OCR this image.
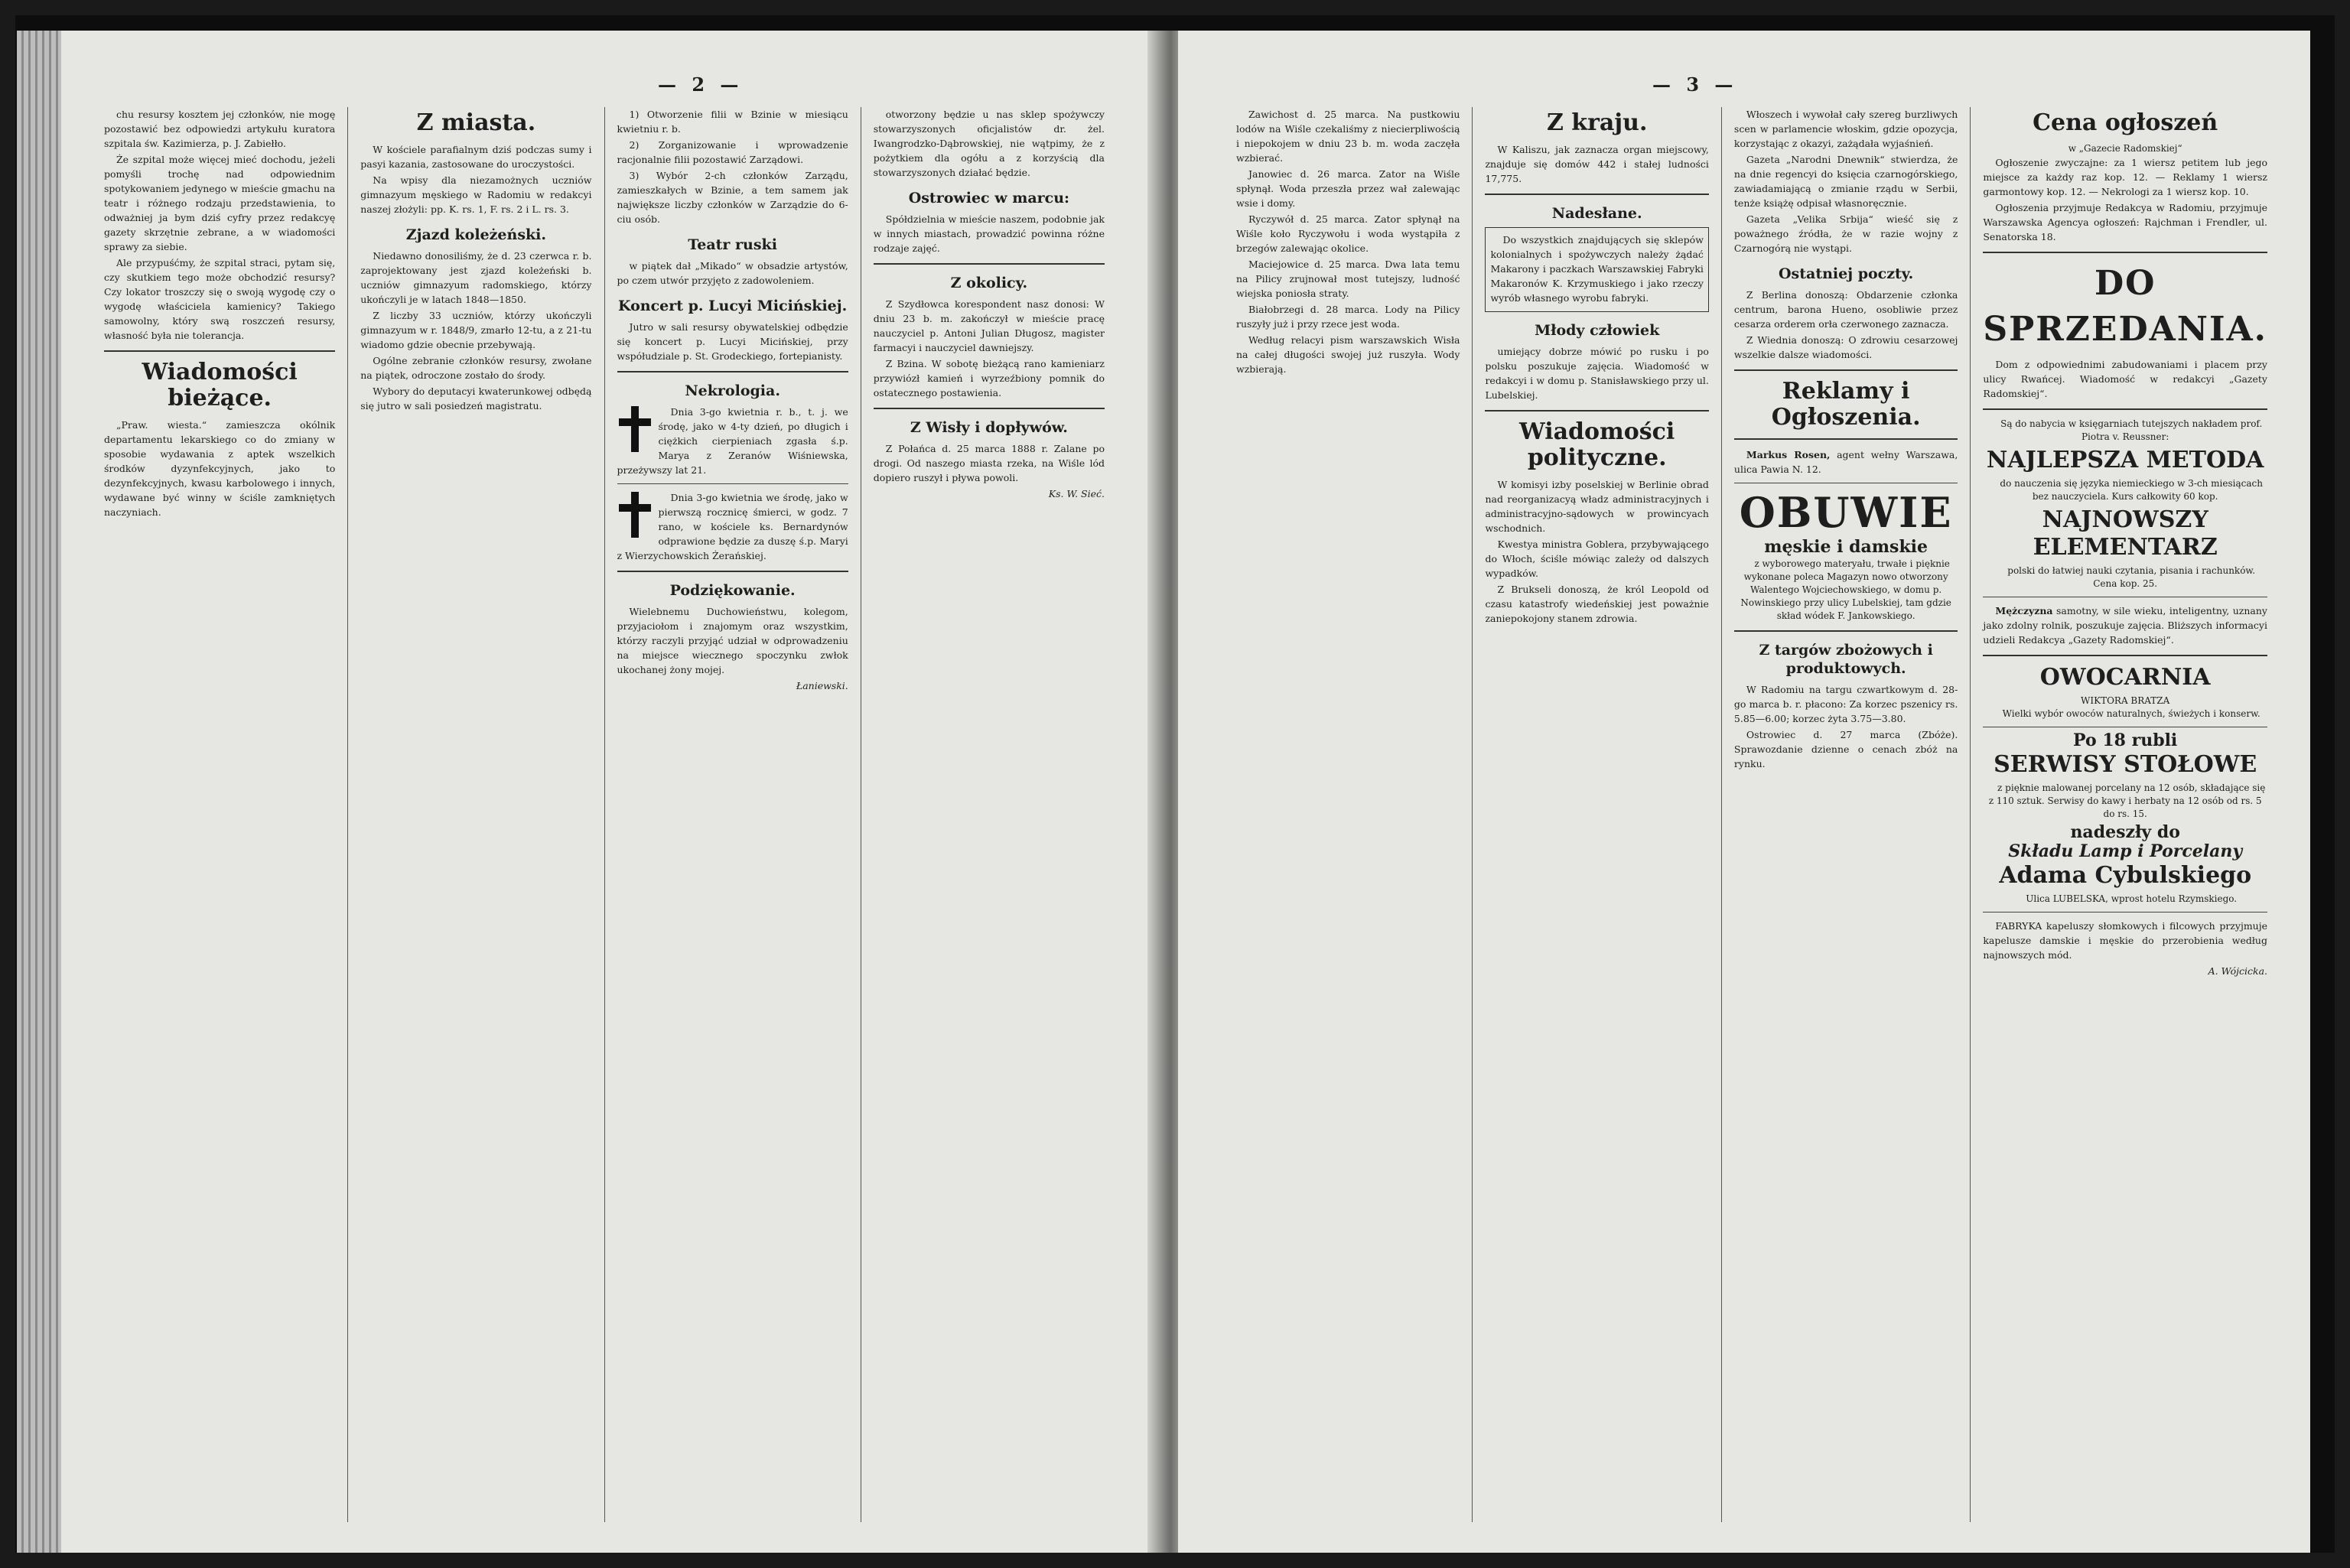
— 2 —

chu resursy kosztem jej członków, nie mogę pozostawić bez odpowiedzi artykułu kuratora szpitala św. Kazimierza, p. J. Zabiełło.

Że szpital może więcej mieć dochodu, jeżeli pomyśli trochę nad odpowiednim spotykowaniem jedynego w mieście gmachu na teatr i różnego rodzaju przedstawienia, to odważniej ja bym dziś cyfry przez redakcyę gazety skrzętnie zebrane, a w wiadomości sprawy za siebie.

Ale przypuśćmy, że szpital straci, pytam się, czy skutkiem tego może obchodzić resursy? Czy lokator troszczy się o swoją wygodę czy o wygodę właściciela kamienicy? Takiego samowolny, który swą roszczeń resursy, własność była nie tolerancja.

Wiadomości bieżące.

„Praw. wiesta.“ zamieszcza okólnik departamentu lekarskiego co do zmiany w sposobie wydawania z aptek wszelkich środków dyzynfekcyjnych, jako to dezynfekcyjnych, kwasu karbolowego i innych, wydawane być winny w ściśle zamkniętych naczyniach.

Z miasta.

W kościele parafialnym dziś podczas sumy i pasyi kazania, zastosowane do uroczystości.

Na wpisy dla niezamożnych uczniów gimnazyum męskiego w Radomiu w redakcyi naszej złożyli: pp. K. rs. 1, F. rs. 2 i L. rs. 3.

Zjazd koleżeński.

Niedawno donosiliśmy, że d. 23 czerwca r. b. zaprojektowany jest zjazd koleżeński b. uczniów gimnazyum radomskiego, którzy ukończyli je w latach 1848—1850.

Z liczby 33 uczniów, którzy ukończyli gimnazyum w r. 1848/9, zmarło 12-tu, a z 21-tu wiadomo gdzie obecnie przebywają.

Ogólne zebranie członków resursy, zwołane na piątek, odroczone zostało do środy.

Wybory do deputacyi kwaterunkowej odbędą się jutro w sali posiedzeń magistratu.

1) Otworzenie filii w Bzinie w miesiącu kwietniu r. b.

2) Zorganizowanie i wprowadzenie racjonalnie filii pozostawić Zarządowi.

3) Wybór 2-ch członków Zarządu, zamieszkałych w Bzinie, a tem samem jak największe liczby członków w Zarządzie do 6-ciu osób.

Teatr ruski

w piątek dał „Mikado“ w obsadzie artystów, po czem utwór przyjęto z zadowoleniem.

Koncert p. Lucyi Micińskiej.

Jutro w sali resursy obywatelskiej odbędzie się koncert p. Lucyi Micińskiej, przy współudziale p. St. Grodeckiego, fortepianisty.

Nekrologia.

Dnia 3-go kwietnia r. b., t. j. we środę, jako w 4-ty dzień, po długich i ciężkich cierpieniach zgasła ś.p. Marya z Zeranów Wiśniewska, przeżywszy lat 21.

Dnia 3-go kwietnia we środę, jako w pierwszą rocznicę śmierci, w godz. 7 rano, w kościele ks. Bernardynów odprawione będzie za duszę ś.p. Maryi z Wierzychowskich Żerańskiej.

Podziękowanie.

Wielebnemu Duchowieństwu, kolegom, przyjaciołom i znajomym oraz wszystkim, którzy raczyli przyjąć udział w odprowadzeniu na miejsce wiecznego spoczynku zwłok ukochanej żony mojej.

Łaniewski.

otworzony będzie u nas sklep spożywczy stowarzyszonych oficjalistów dr. żel. Iwangrodzko-Dąbrowskiej, nie wątpimy, że z pożytkiem dla ogółu a z korzyścią dla stowarzyszonych działać będzie.

Ostrowiec w marcu:

Spółdzielnia w mieście naszem, podobnie jak w innych miastach, prowadzić powinna różne rodzaje zajęć.

Z okolicy.

Z Szydłowca korespondent nasz donosi: W dniu 23 b. m. zakończył w mieście pracę nauczyciel p. Antoni Julian Długosz, magister farmacyi i nauczyciel dawniejszy.

Z Bzina. W sobotę bieżącą rano kamieniarz przywiózł kamień i wyrzeźbiony pomnik do ostatecznego postawienia.

Z Wisły i dopływów.

Z Połańca d. 25 marca 1888 r. Zalane po drogi. Od naszego miasta rzeka, na Wiśle lód dopiero ruszył i pływa powoli.

Ks. W. Sieć.

— 3 —

Zawichost d. 25 marca. Na pustkowiu lodów na Wiśle czekaliśmy z niecierpliwością i niepokojem w dniu 23 b. m. woda zaczęła wzbierać.

Janowiec d. 26 marca. Zator na Wiśle spłynął. Woda przeszła przez wał zalewając wsie i domy.

Ryczywół d. 25 marca. Zator spłynął na Wiśle koło Ryczywołu i woda wystąpiła z brzegów zalewając okolice.

Maciejowice d. 25 marca. Dwa lata temu na Pilicy zrujnował most tutejszy, ludność wiejska poniosła straty.

Białobrzegi d. 28 marca. Lody na Pilicy ruszyły już i przy rzece jest woda.

Według relacyi pism warszawskich Wisła na całej długości swojej już ruszyła. Wody wzbierają.

Z kraju.

W Kaliszu, jak zaznacza organ miejscowy, znajduje się domów 442 i stałej ludności 17,775.

Nadesłane.

Do wszystkich znajdujących się sklepów kolonialnych i spożywczych należy żądać Makarony i paczkach Warszawskiej Fabryki Makaronów K. Krzymuskiego i jako rzeczy wyrób własnego wyrobu fabryki.

Młody człowiek

umiejący dobrze mówić po rusku i po polsku poszukuje zajęcia. Wiadomość w redakcyi i w domu p. Stanisławskiego przy ul. Lubelskiej.

Wiadomości polityczne.

W komisyi izby poselskiej w Berlinie obrad nad reorganizacyą władz administracyjnych i administracyjno-sądowych w prowincyach wschodnich.

Kwestya ministra Goblera, przybywającego do Włoch, ściśle mówiąc zależy od dalszych wypadków.

Z Brukseli donoszą, że król Leopold od czasu katastrofy wiedeńskiej jest poważnie zaniepokojony stanem zdrowia.

Włoszech i wywołał cały szereg burzliwych scen w parlamencie włoskim, gdzie opozycja, korzystając z okazyi, zażądała wyjaśnień.

Gazeta „Narodni Dnewnik“ stwierdza, że na dnie regencyi do księcia czarnogórskiego, zawiadamiającą o zmianie rządu w Serbii, tenże książę odpisał własnoręcznie.

Gazeta „Velika Srbija“ wieść się z poważnego źródła, że w razie wojny z Czarnogórą nie wystąpi.

Ostatniej poczty.

Z Berlina donoszą: Obdarzenie członka centrum, barona Hueno, osobliwie przez cesarza orderem orła czerwonego zaznacza.

Z Wiednia donoszą: O zdrowiu cesarzowej wszelkie dalsze wiadomości.

Reklamy i Ogłoszenia.

Markus Rosen, agent wełny Warszawa, ulica Pawia N. 12.

OBUWIE
męskie i damskie

z wyborowego materyału, trwałe i pięknie wykonane poleca Magazyn nowo otworzony Walentego Wojciechowskiego, w domu p. Nowinskiego przy ulicy Lubelskiej, tam gdzie skład wódek F. Jankowskiego.

Z targów zbożowych i produktowych.

W Radomiu na targu czwartkowym d. 28-go marca b. r. płacono: Za korzec pszenicy rs. 5.85—6.00; korzec żyta 3.75—3.80.

Ostrowiec d. 27 marca (Zbóże). Sprawozdanie dzienne o cenach zbóż na rynku.

Cena ogłoszeń
w „Gazecie Radomskiej“

Ogłoszenie zwyczajne: za 1 wiersz petitem lub jego miejsce za każdy raz kop. 12. — Reklamy 1 wiersz garmontowy kop. 12. — Nekrologi za 1 wiersz kop. 10.

Ogłoszenia przyjmuje Redakcya w Radomiu, przyjmuje Warszawska Agencya ogłoszeń: Rajchman i Frendler, ul. Senatorska 18.

DO SPRZEDANIA.

Dom z odpowiednimi zabudowaniami i placem przy ulicy Rwańcej. Wiadomość w redakcyi „Gazety Radomskiej“.

Są do nabycia w księgarniach tutejszych nakładem prof. Piotra v. Reussner:

NAJLEPSZA METODA

do nauczenia się języka niemieckiego w 3-ch miesiącach bez nauczyciela. Kurs całkowity 60 kop.

NAJNOWSZY ELEMENTARZ

polski do łatwiej nauki czytania, pisania i rachunków. Cena kop. 25.

Mężczyzna samotny, w sile wieku, inteligentny, uznany jako zdolny rolnik, poszukuje zajęcia. Bliższych informacyi udzieli Redakcya „Gazety Radomskiej“.

OWOCARNIA
WIKTORA BRATZA

Wielki wybór owoców naturalnych, świeżych i konserw.

Po 18 rubli
SERWISY STOŁOWE

z pięknie malowanej porcelany na 12 osób, składające się z 110 sztuk. Serwisy do kawy i herbaty na 12 osób od rs. 5 do rs. 15.

nadeszły do
Składu Lamp i Porcelany
Adama Cybulskiego

Ulica LUBELSKA, wprost hotelu Rzymskiego.

FABRYKA kapeluszy słomkowych i filcowych przyjmuje kapelusze damskie i męskie do przerobienia według najnowszych mód.

A. Wójcicka.
